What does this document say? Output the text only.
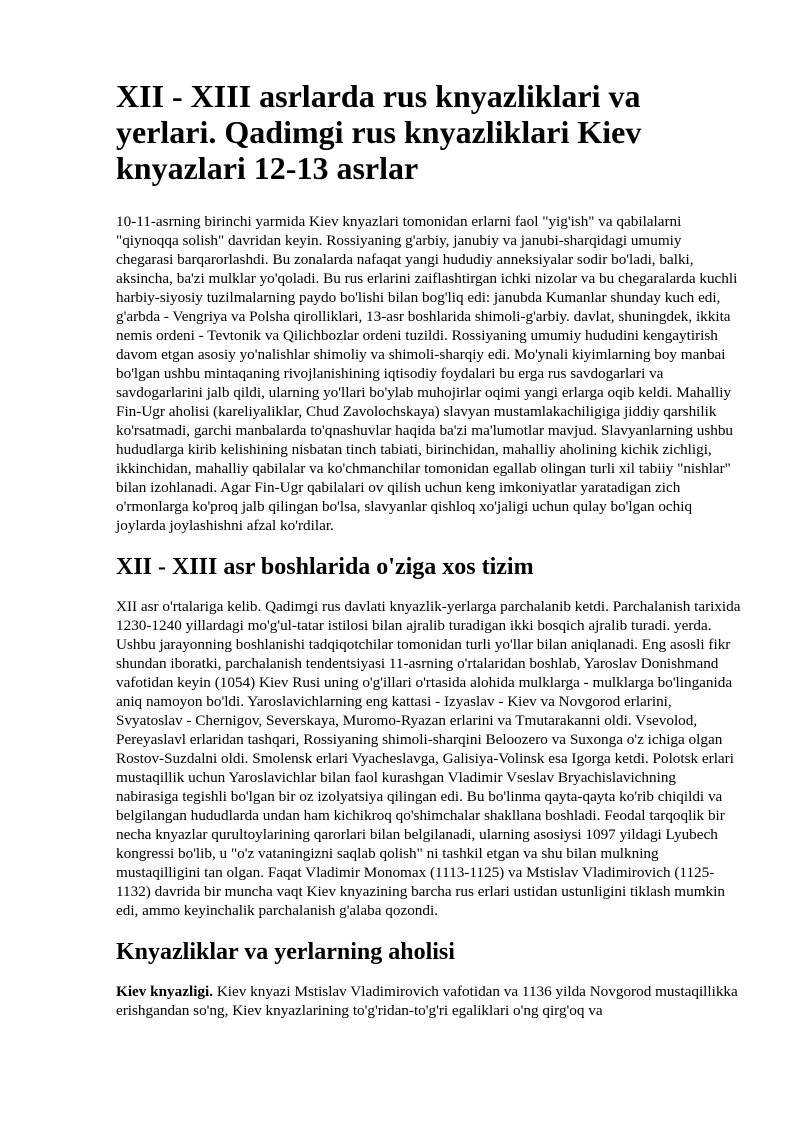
XII - XIII asrlarda rus knyazliklari va yerlari. Qadimgi rus knyazliklari Kiev knyazlari 12-13 asrlar

10-11-asrning birinchi yarmida Kiev knyazlari tomonidan erlarni faol "yig'ish" va qabilalarni "qiynoqqa solish" davridan keyin. Rossiyaning g'arbiy, janubiy va janubi-sharqidagi umumiy chegarasi barqarorlashdi. Bu zonalarda nafaqat yangi hududiy anneksiyalar sodir bo'ladi, balki, aksincha, ba'zi mulklar yo'qoladi. Bu rus erlarini zaiflashtirgan ichki nizolar va bu chegaralarda kuchli harbiy-siyosiy tuzilmalarning paydo bo'lishi bilan bog'liq edi: janubda Kumanlar shunday kuch edi, g'arbda - Vengriya va Polsha qirolliklari, 13-asr boshlarida shimoli-g'arbiy. davlat, shuningdek, ikkita nemis ordeni - Tevtonik va Qilichbozlar ordeni tuzildi. Rossiyaning umumiy hududini kengaytirish davom etgan asosiy yo'nalishlar shimoliy va shimoli-sharqiy edi. Mo'ynali kiyimlarning boy manbai bo'lgan ushbu mintaqaning rivojlanishining iqtisodiy foydalari bu erga rus savdogarlari va savdogarlarini jalb qildi, ularning yo'llari bo'ylab muhojirlar oqimi yangi erlarga oqib keldi. Mahalliy Fin-Ugr aholisi (kareliyaliklar, Chud Zavolochskaya) slavyan mustamlakachiligiga jiddiy qarshilik ko'rsatmadi, garchi manbalarda to'qnashuvlar haqida ba'zi ma'lumotlar mavjud. Slavyanlarning ushbu hududlarga kirib kelishining nisbatan tinch tabiati, birinchidan, mahalliy aholining kichik zichligi, ikkinchidan, mahalliy qabilalar va ko'chmanchilar tomonidan egallab olingan turli xil tabiiy "nishlar" bilan izohlanadi. Agar Fin-Ugr qabilalari ov qilish uchun keng imkoniyatlar yaratadigan zich o'rmonlarga ko'proq jalb qilingan bo'lsa, slavyanlar qishloq xo'jaligi uchun qulay bo'lgan ochiq joylarda joylashishni afzal ko'rdilar.

XII - XIII asr boshlarida o'ziga xos tizim

XII asr o'rtalariga kelib. Qadimgi rus davlati knyazlik-yerlarga parchalanib ketdi. Parchalanish tarixida 1230-1240 yillardagi mo'g'ul-tatar istilosi bilan ajralib turadigan ikki bosqich ajralib turadi. yerda. Ushbu jarayonning boshlanishi tadqiqotchilar tomonidan turli yo'llar bilan aniqlanadi. Eng asosli fikr shundan iboratki, parchalanish tendentsiyasi 11-asrning o'rtalaridan boshlab, Yaroslav Donishmand vafotidan keyin (1054) Kiev Rusi uning o'g'illari o'rtasida alohida mulklarga - mulklarga bo'linganida aniq namoyon bo'ldi. Yaroslavichlarning eng kattasi - Izyaslav - Kiev va Novgorod erlarini, Svyatoslav - Chernigov, Severskaya, Muromo-Ryazan erlarini va Tmutarakanni oldi. Vsevolod, Pereyaslavl erlaridan tashqari, Rossiyaning shimoli-sharqini Beloozero va Suxonga o'z ichiga olgan Rostov-Suzdalni oldi. Smolensk erlari Vyacheslavga, Galisiya-Volinsk esa Igorga ketdi. Polotsk erlari mustaqillik uchun Yaroslavichlar bilan faol kurashgan Vladimir Vseslav Bryachislavichning nabirasiga tegishli bo'lgan bir oz izolyatsiya qilingan edi. Bu bo'linma qayta-qayta ko'rib chiqildi va belgilangan hududlarda undan ham kichikroq qo'shimchalar shakllana boshladi. Feodal tarqoqlik bir necha knyazlar qurultoylarining qarorlari bilan belgilanadi, ularning asosiysi 1097 yildagi Lyubech kongressi bo'lib, u "o'z vataningizni saqlab qolish" ni tashkil etgan va shu bilan mulkning mustaqilligini tan olgan. Faqat Vladimir Monomax (1113-1125) va Mstislav Vladimirovich (1125-1132) davrida bir muncha vaqt Kiev knyazining barcha rus erlari ustidan ustunligini tiklash mumkin edi, ammo keyinchalik parchalanish g'alaba qozondi.

Knyazliklar va yerlarning aholisi

Kiev knyazligi. Kiev knyazi Mstislav Vladimirovich vafotidan va 1136 yilda Novgorod mustaqillikka erishgandan so'ng, Kiev knyazlarining to'g'ridan-to'g'ri egaliklari o'ng qirg'oq va
